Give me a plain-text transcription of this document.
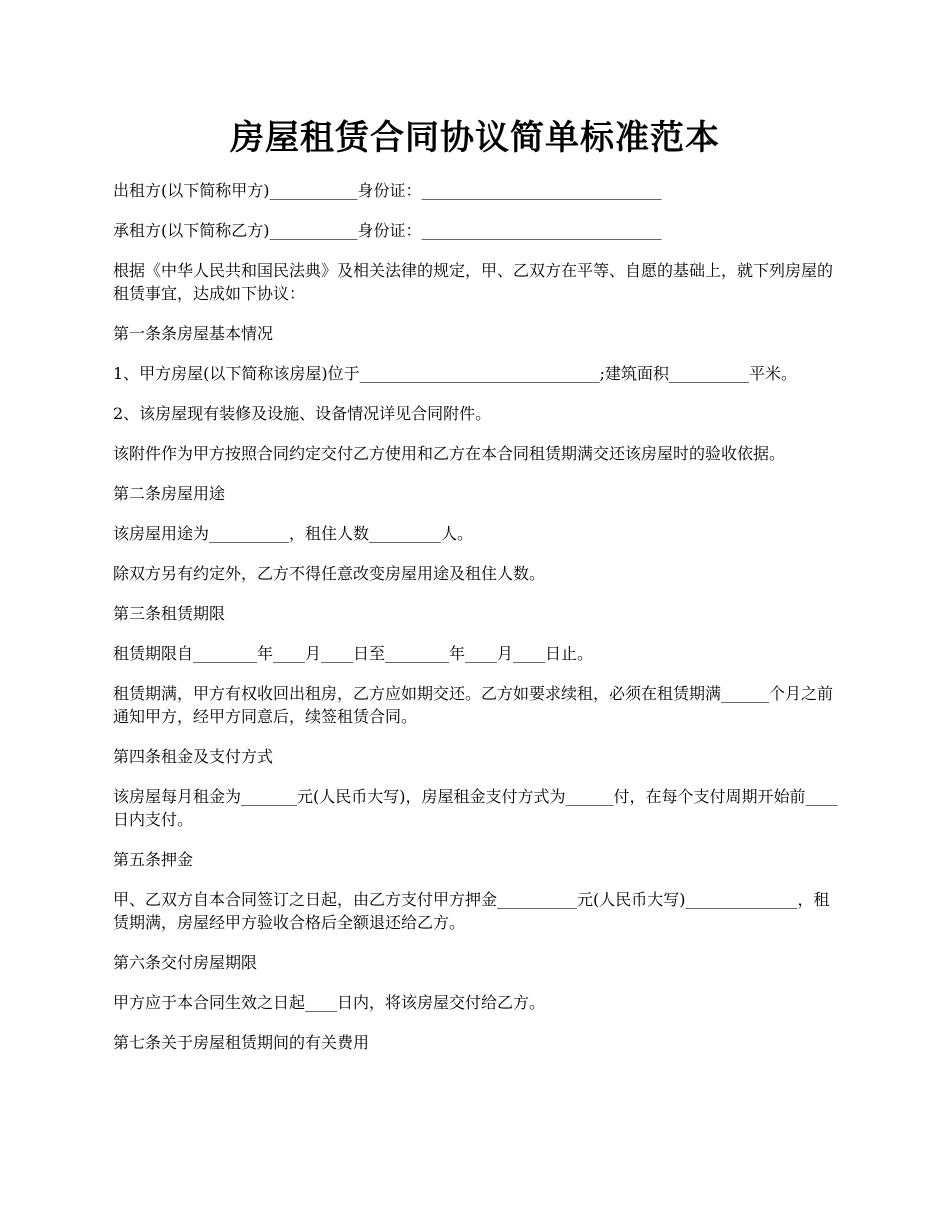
房屋租赁合同协议简单标准范本

出租方(以下简称甲方)___________身份证：______________________________

承租方(以下简称乙方)___________身份证：______________________________

根据《中华人民共和国民法典》及相关法律的规定，甲、乙双方在平等、自愿的基础上，就下列房屋的租赁事宜，达成如下协议：

第一条条房屋基本情况

1、甲方房屋(以下简称该房屋)位于______________________________;建筑面积__________平米。

2、该房屋现有装修及设施、设备情况详见合同附件。

该附件作为甲方按照合同约定交付乙方使用和乙方在本合同租赁期满交还该房屋时的验收依据。

第二条房屋用途

该房屋用途为__________，租住人数_________人。

除双方另有约定外，乙方不得任意改变房屋用途及租住人数。

第三条租赁期限

租赁期限自________年____月____日至________年____月____日止。

租赁期满，甲方有权收回出租房，乙方应如期交还。乙方如要求续租，必须在租赁期满______个月之前通知甲方，经甲方同意后，续签租赁合同。

第四条租金及支付方式

该房屋每月租金为_______元(人民币大写)，房屋租金支付方式为______付，在每个支付周期开始前____日内支付。

第五条押金

甲、乙双方自本合同签订之日起，由乙方支付甲方押金__________元(人民币大写)______________，租赁期满，房屋经甲方验收合格后全额退还给乙方。

第六条交付房屋期限

甲方应于本合同生效之日起____日内，将该房屋交付给乙方。

第七条关于房屋租赁期间的有关费用
